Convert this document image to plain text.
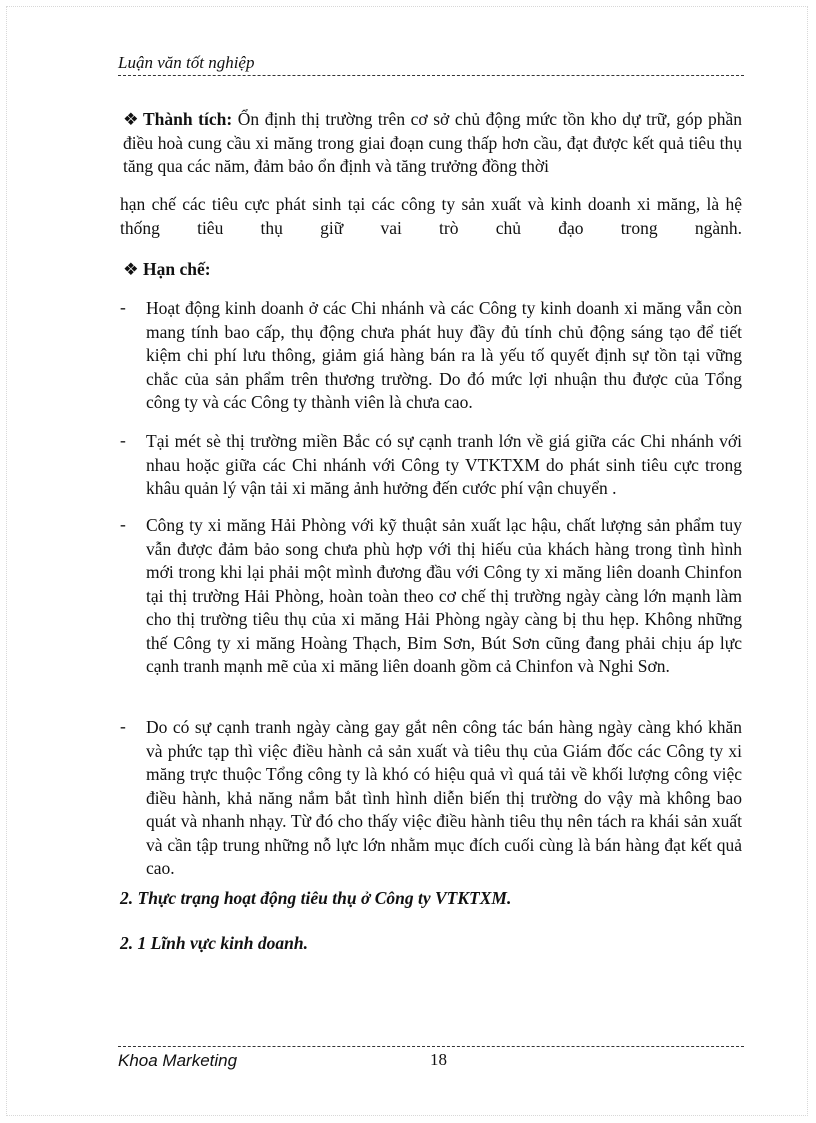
Luận văn tốt nghiệp
❖ Thành tích: Ổn định thị trường trên cơ sở chủ động mức tồn kho dự trữ, góp phần điều hoà cung cầu xi măng trong giai đoạn cung thấp hơn cầu, đạt được kết quả tiêu thụ tăng qua các năm, đảm bảo ổn định và tăng trưởng đồng thời
hạn chế các tiêu cực phát sinh tại các công ty sản xuất và kinh doanh xi măng, là hệ thống tiêu thụ giữ vai trò chủ đạo trong ngành.
❖ Hạn chế:
- Hoạt động kinh doanh ở các Chi nhánh và các Công ty kinh doanh xi măng vẫn còn mang tính bao cấp, thụ động chưa phát huy đầy đủ tính chủ động sáng tạo để tiết kiệm chi phí lưu thông, giảm giá hàng bán ra là yếu tố quyết định sự tồn tại vững chắc của sản phẩm trên thương trường. Do đó mức lợi nhuận thu được của Tổng công ty và các Công ty thành viên là chưa cao.
- Tại mét sè thị trường miền Bắc có sự cạnh tranh lớn về giá giữa các Chi nhánh với nhau hoặc giữa các Chi nhánh với Công ty VTKTXM do phát sinh tiêu cực trong khâu quản lý vận tải xi măng ảnh hưởng đến cước phí vận chuyển .
- Công ty xi măng Hải Phòng với kỹ thuật sản xuất lạc hậu, chất lượng sản phẩm tuy vẫn được đảm bảo song chưa phù hợp với thị hiếu của khách hàng trong tình hình mới trong khi lại phải một mình đương đầu với Công ty xi măng liên doanh Chinfon tại thị trường Hải Phòng, hoàn toàn theo cơ chế thị trường ngày càng lớn mạnh làm cho thị trường tiêu thụ của xi măng Hải Phòng ngày càng bị thu hẹp. Không những thế Công ty xi măng Hoàng Thạch, Bỉm Sơn, Bút Sơn cũng đang phải chịu áp lực cạnh tranh mạnh mẽ của xi măng liên doanh gồm cả Chinfon và Nghi Sơn.
- Do có sự cạnh tranh ngày càng gay gắt nên công tác bán hàng ngày càng khó khăn và phức tạp thì việc điều hành cả sản xuất và tiêu thụ của Giám đốc các Công ty xi măng trực thuộc Tổng công ty là khó có hiệu quả vì quá tải về khối lượng công việc điều hành, khả năng nắm bắt tình hình diễn biến thị trường do vậy mà không bao quát và nhanh nhạy. Từ đó cho thấy việc điều hành tiêu thụ nên tách ra khái sản xuất và cần tập trung những nỗ lực lớn nhằm mục đích cuối cùng là bán hàng đạt kết quả cao.
2. Thực trạng hoạt động tiêu thụ ở Công ty VTKTXM.
2. 1 Lĩnh vực kinh doanh.
Khoa Marketing	18
